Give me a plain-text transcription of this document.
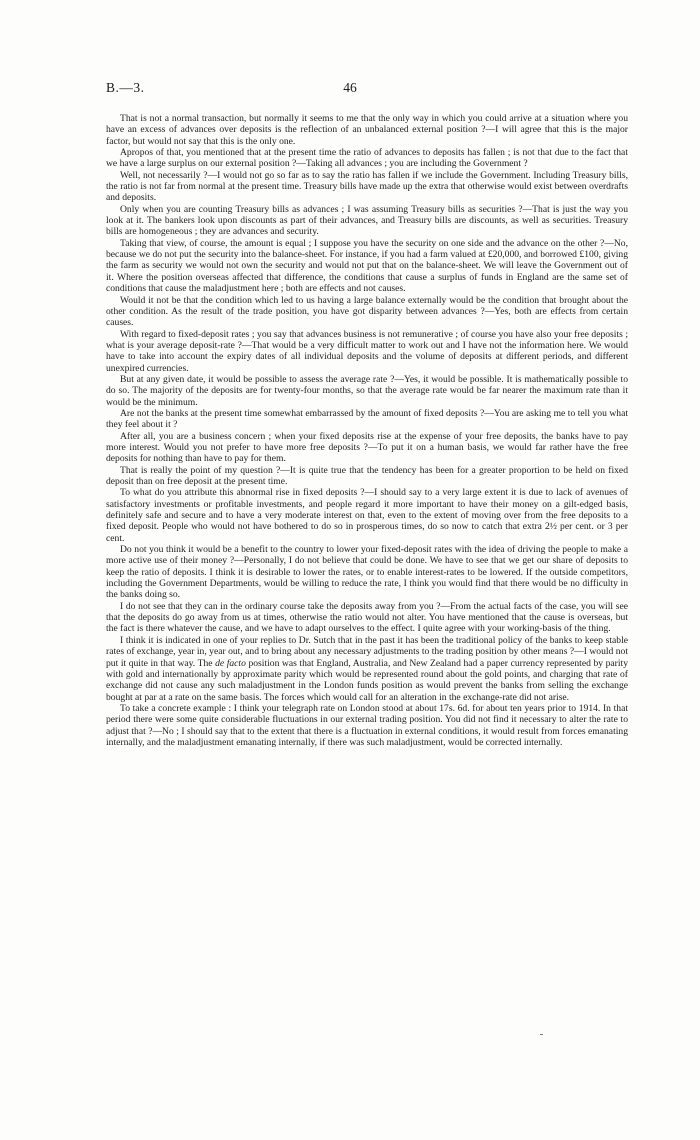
B.—3.	46

That is not a normal transaction, but normally it seems to me that the only way in which you could arrive at a situation where you have an excess of advances over deposits is the reflection of an unbalanced external position ?—I will agree that this is the major factor, but would not say that this is the only one.

Apropos of that, you mentioned that at the present time the ratio of advances to deposits has fallen ; is not that due to the fact that we have a large surplus on our external position ?—Taking all advances ; you are including the Government ?

Well, not necessarily ?—I would not go so far as to say the ratio has fallen if we include the Government. Including Treasury bills, the ratio is not far from normal at the present time. Treasury bills have made up the extra that otherwise would exist between overdrafts and deposits.

Only when you are counting Treasury bills as advances ; I was assuming Treasury bills as securities ?—That is just the way you look at it. The bankers look upon discounts as part of their advances, and Treasury bills are discounts, as well as securities. Treasury bills are homogeneous ; they are advances and security.

Taking that view, of course, the amount is equal ; I suppose you have the security on one side and the advance on the other ?—No, because we do not put the security into the balance-sheet. For instance, if you had a farm valued at £20,000, and borrowed £100, giving the farm as security we would not own the security and would not put that on the balance-sheet. We will leave the Government out of it. Where the position overseas affected that difference, the conditions that cause a surplus of funds in England are the same set of conditions that cause the maladjustment here ; both are effects and not causes.

Would it not be that the condition which led to us having a large balance externally would be the condition that brought about the other condition. As the result of the trade position, you have got disparity between advances ?—Yes, both are effects from certain causes.

With regard to fixed-deposit rates ; you say that advances business is not remunerative ; of course you have also your free deposits ; what is your average deposit-rate ?—That would be a very difficult matter to work out and I have not the information here. We would have to take into account the expiry dates of all individual deposits and the volume of deposits at different periods, and different unexpired currencies.

But at any given date, it would be possible to assess the average rate ?—Yes, it would be possible. It is mathematically possible to do so. The majority of the deposits are for twenty-four months, so that the average rate would be far nearer the maximum rate than it would be the minimum.

Are not the banks at the present time somewhat embarrassed by the amount of fixed deposits ?—You are asking me to tell you what they feel about it ?

After all, you are a business concern ; when your fixed deposits rise at the expense of your free deposits, the banks have to pay more interest. Would you not prefer to have more free deposits ?—To put it on a human basis, we would far rather have the free deposits for nothing than have to pay for them.

That is really the point of my question ?—It is quite true that the tendency has been for a greater proportion to be held on fixed deposit than on free deposit at the present time.

To what do you attribute this abnormal rise in fixed deposits ?—I should say to a very large extent it is due to lack of avenues of satisfactory investments or profitable investments, and people regard it more important to have their money on a gilt-edged basis, definitely safe and secure and to have a very moderate interest on that, even to the extent of moving over from the free deposits to a fixed deposit. People who would not have bothered to do so in prosperous times, do so now to catch that extra 2½ per cent. or 3 per cent.

Do not you think it would be a benefit to the country to lower your fixed-deposit rates with the idea of driving the people to make a more active use of their money ?—Personally, I do not believe that could be done. We have to see that we get our share of deposits to keep the ratio of deposits. I think it is desirable to lower the rates, or to enable interest-rates to be lowered. If the outside competitors, including the Government Departments, would be willing to reduce the rate, I think you would find that there would be no difficulty in the banks doing so.

I do not see that they can in the ordinary course take the deposits away from you ?—From the actual facts of the case, you will see that the deposits do go away from us at times, otherwise the ratio would not alter. You have mentioned that the cause is overseas, but the fact is there whatever the cause, and we have to adapt ourselves to the effect. I quite agree with your working-basis of the thing.

I think it is indicated in one of your replies to Dr. Sutch that in the past it has been the traditional policy of the banks to keep stable rates of exchange, year in, year out, and to bring about any necessary adjustments to the trading position by other means ?—I would not put it quite in that way. The de facto position was that England, Australia, and New Zealand had a paper currency represented by parity with gold and internationally by approximate parity which would be represented round about the gold points, and charging that rate of exchange did not cause any such maladjustment in the London funds position as would prevent the banks from selling the exchange bought at par at a rate on the same basis. The forces which would call for an alteration in the exchange-rate did not arise.

To take a concrete example : I think your telegraph rate on London stood at about 17s. 6d. for about ten years prior to 1914. In that period there were some quite considerable fluctuations in our external trading position. You did not find it necessary to alter the rate to adjust that ?—No ; I should say that to the extent that there is a fluctuation in external conditions, it would result from forces emanating internally, and the maladjustment emanating internally, if there was such maladjustment, would be corrected internally.
